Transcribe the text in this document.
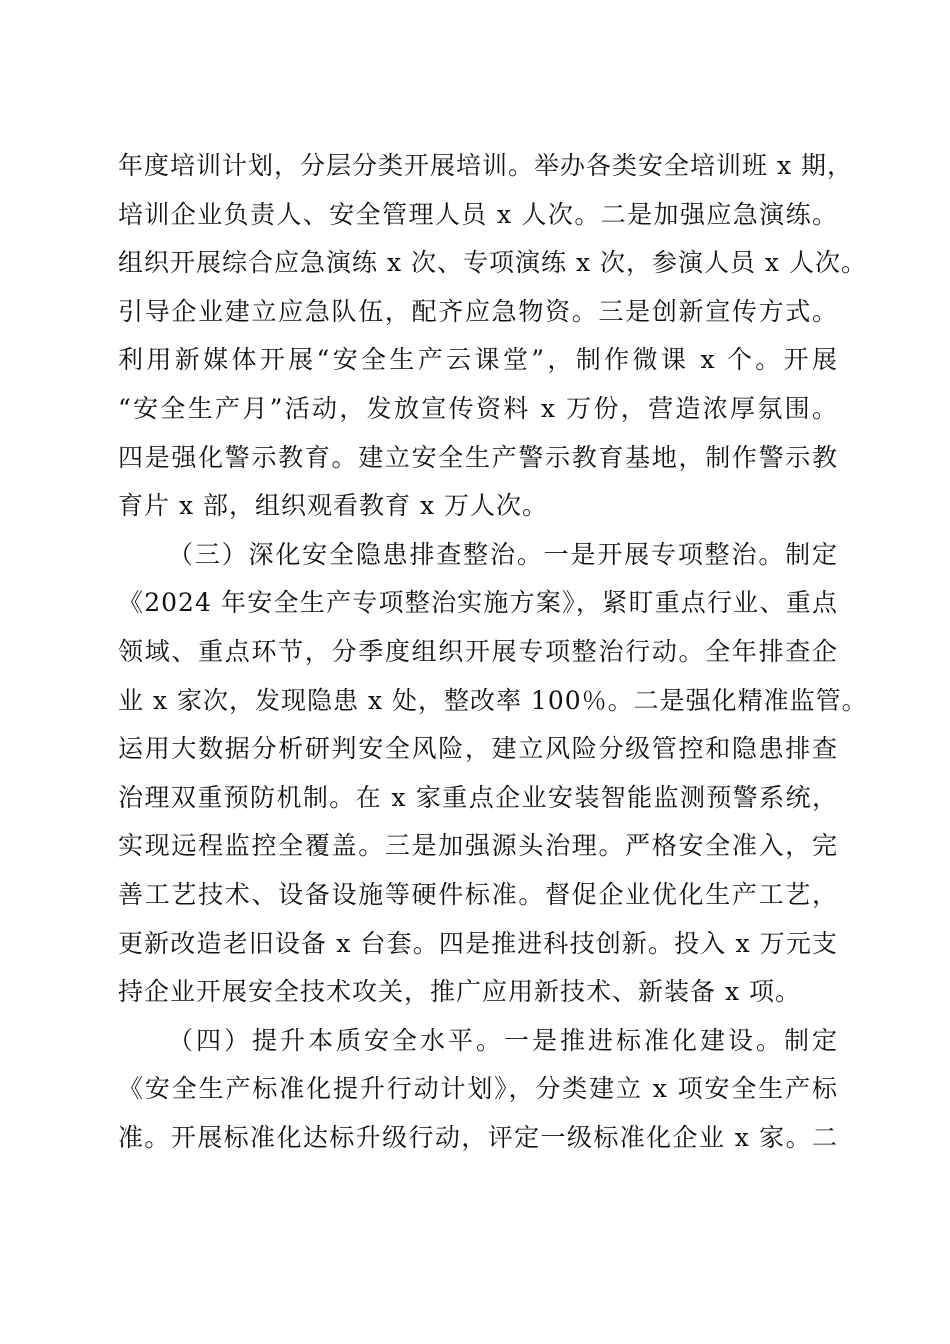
年度培训计划，分层分类开展培训。举办各类安全培训班 x 期，
培训企业负责人、安全管理人员 x 人次。二是加强应急演练。
组织开展综合应急演练 x 次、专项演练 x 次，参演人员 x 人次。
引导企业建立应急队伍，配齐应急物资。三是创新宣传方式。
利用新媒体开展“安全生产云课堂”，制作微课 x 个。开展
“安全生产月”活动，发放宣传资料 x 万份，营造浓厚氛围。
四是强化警示教育。建立安全生产警示教育基地，制作警示教
育片 x 部，组织观看教育 x 万人次。
（三）深化安全隐患排查整治。一是开展专项整治。制定
《2024 年安全生产专项整治实施方案》，紧盯重点行业、重点
领域、重点环节，分季度组织开展专项整治行动。全年排查企
业 x 家次，发现隐患 x 处，整改率 100％。二是强化精准监管。
运用大数据分析研判安全风险，建立风险分级管控和隐患排查
治理双重预防机制。在 x 家重点企业安装智能监测预警系统，
实现远程监控全覆盖。三是加强源头治理。严格安全准入，完
善工艺技术、设备设施等硬件标准。督促企业优化生产工艺，
更新改造老旧设备 x 台套。四是推进科技创新。投入 x 万元支
持企业开展安全技术攻关，推广应用新技术、新装备 x 项。
（四）提升本质安全水平。一是推进标准化建设。制定
《安全生产标准化提升行动计划》，分类建立 x 项安全生产标
准。开展标准化达标升级行动，评定一级标准化企业 x 家。二
